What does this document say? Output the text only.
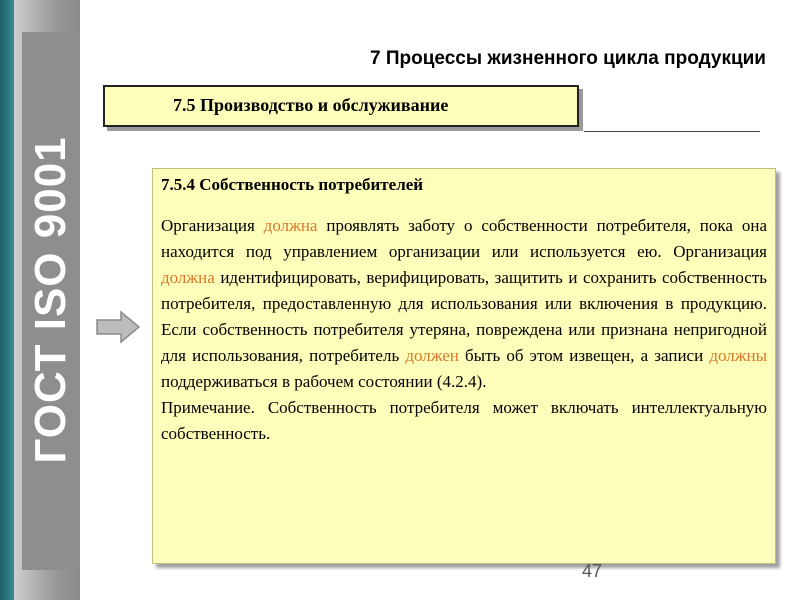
ГОСТ ISO 9001
7 Процессы жизненного цикла продукции
7.5 Производство и обслуживание

7.5.4 Собственность потребителей

Организация должна проявлять заботу о собственности потребителя, пока она находится под управлением организации или используется ею. Организация должна идентифицировать, верифицировать, защитить и сохранить собственность потребителя, предоставленную для использования или включения в продукцию. Если собственность потребителя утеряна, повреждена или признана непригодной для использования, потребитель должен быть об этом извещен, а записи должны поддерживаться в рабочем состоянии (4.2.4).

Примечание. Собственность потребителя может включать интеллектуальную собственность.

47
